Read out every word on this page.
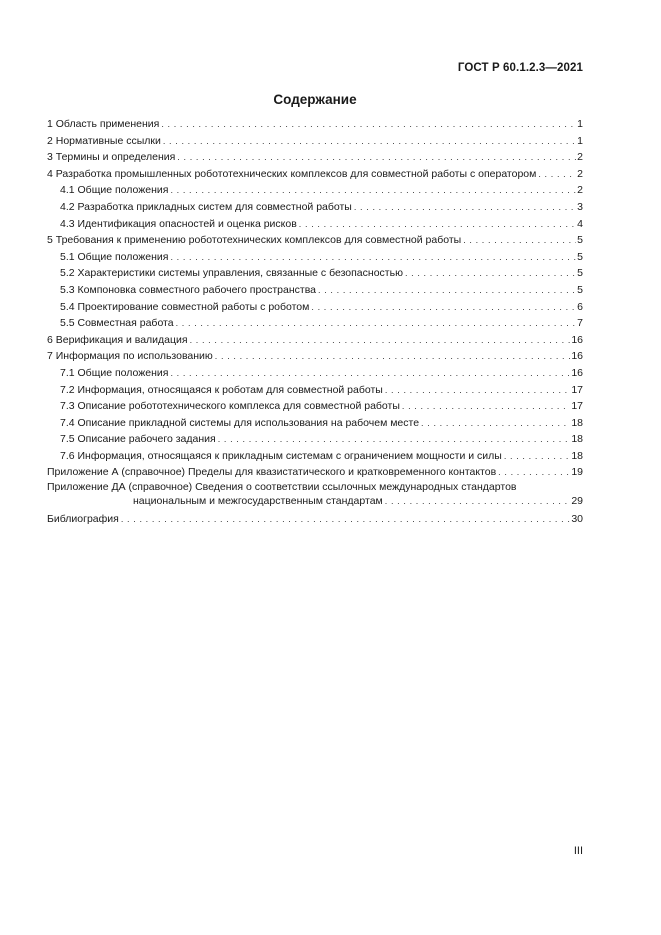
ГОСТ Р 60.1.2.3—2021
Содержание
1 Область применения . . .	1
2 Нормативные ссылки . . .	1
3 Термины и определения . . .	2
4 Разработка промышленных робототехнических комплексов для совместной работы с оператором . . .	2
4.1 Общие положения . . .	2
4.2 Разработка прикладных систем для совместной работы . . .	3
4.3 Идентификация опасностей и оценка рисков . . .	4
5 Требования к применению робототехнических комплексов для совместной работы . . .	5
5.1 Общие положения . . .	5
5.2 Характеристики системы управления, связанные с безопасностью . . .	5
5.3 Компоновка совместного рабочего пространства . . .	5
5.4 Проектирование совместной работы с роботом . . .	6
5.5 Совместная работа . . .	7
6 Верификация и валидация . . .	16
7 Информация по использованию . . .	16
7.1 Общие положения . . .	16
7.2 Информация, относящаяся к роботам для совместной работы . . .	17
7.3 Описание робототехнического комплекса для совместной работы . . .	17
7.4 Описание прикладной системы для использования на рабочем месте . . .	18
7.5 Описание рабочего задания . . .	18
7.6 Информация, относящаяся к прикладным системам с ограничением мощности и силы . . .	18
Приложение А (справочное) Пределы для квазистатического и кратковременного контактов . . .	19
Приложение ДА (справочное) Сведения о соответствии ссылочных международных стандартов
национальным и межгосударственным стандартам . . .	29
Библиография . . .	30
III
